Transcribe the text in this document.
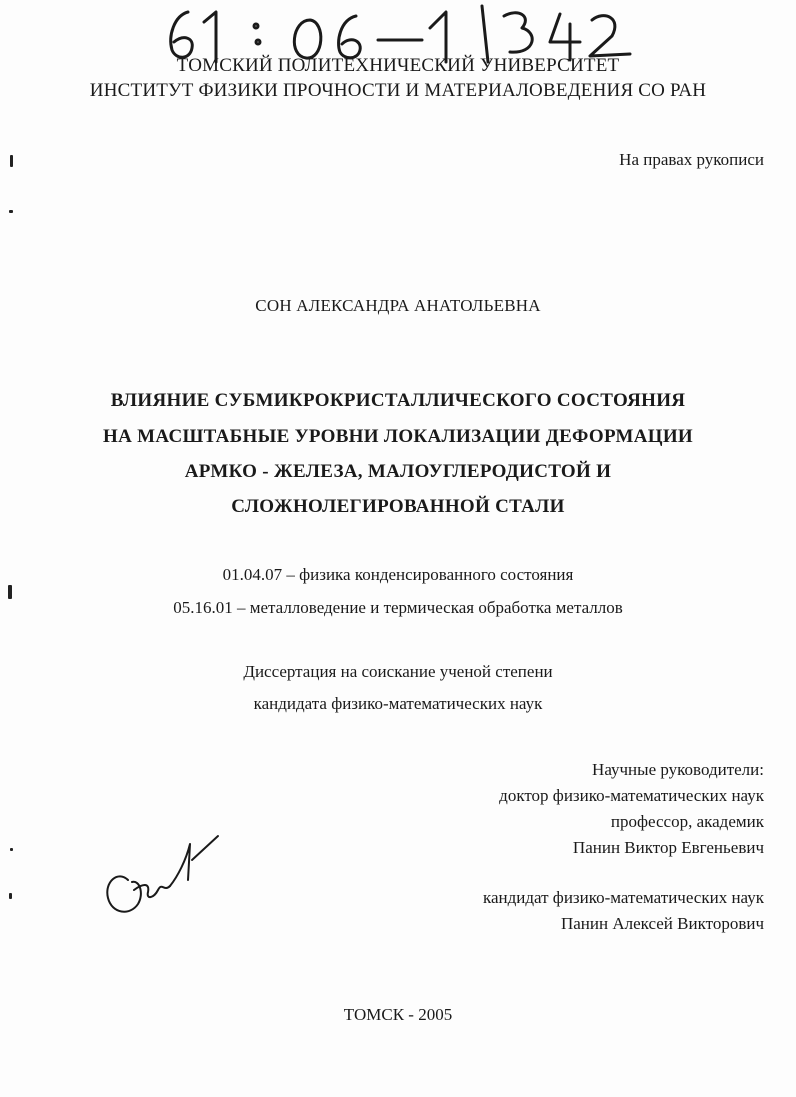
ТОМСКИЙ ПОЛИТЕХНИЧЕСКИЙ УНИВЕРСИТЕТ
ИНСТИТУТ ФИЗИКИ ПРОЧНОСТИ И МАТЕРИАЛОВЕДЕНИЯ СО РАН
На правах рукописи
СОН АЛЕКСАНДРА АНАТОЛЬЕВНА
ВЛИЯНИЕ СУБМИКРОКРИСТАЛЛИЧЕСКОГО СОСТОЯНИЯ
НА МАСШТАБНЫЕ УРОВНИ ЛОКАЛИЗАЦИИ ДЕФОРМАЦИИ
АРМКО - ЖЕЛЕЗА, МАЛОУГЛЕРОДИСТОЙ И
СЛОЖНОЛЕГИРОВАННОЙ СТАЛИ
01.04.07 – физика конденсированного состояния
05.16.01 – металловедение и термическая обработка металлов
Диссертация на соискание ученой степени
кандидата физико-математических наук
Научные руководители:
доктор физико-математических наук
профессор, академик
Панин Виктор Евгеньевич
кандидат физико-математических наук
Панин Алексей Викторович
ТОМСК - 2005
